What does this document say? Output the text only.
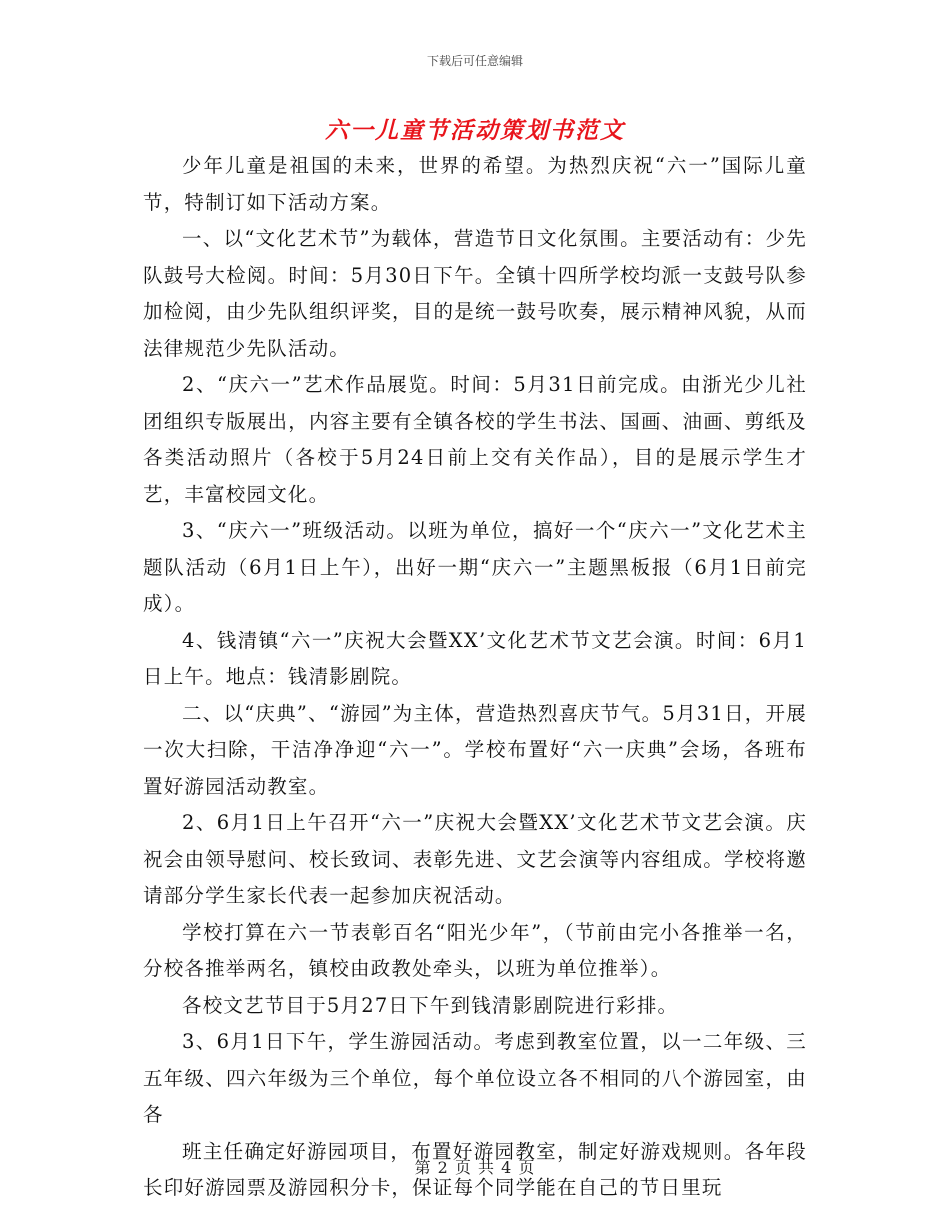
下载后可任意编辑
六一儿童节活动策划书范文

少年儿童是祖国的未来，世界的希望。为热烈庆祝“六一”国际儿童节，特制订如下活动方案。

一、以“文化艺术节”为载体，营造节日文化氛围。主要活动有：少先队鼓号大检阅。时间：5月30日下午。全镇十四所学校均派一支鼓号队参加检阅，由少先队组织评奖，目的是统一鼓号吹奏，展示精神风貌，从而法律规范少先队活动。

2、“庆六一”艺术作品展览。时间：5月31日前完成。由浙光少儿社团组织专版展出，内容主要有全镇各校的学生书法、国画、油画、剪纸及各类活动照片（各校于5月24日前上交有关作品），目的是展示学生才艺，丰富校园文化。

3、“庆六一”班级活动。以班为单位，搞好一个“庆六一”文化艺术主题队活动（6月1日上午），出好一期“庆六一”主题黑板报（6月1日前完成）。

4、钱清镇“六一”庆祝大会暨XX’文化艺术节文艺会演。时间：6月1日上午。地点：钱清影剧院。

二、以“庆典”、“游园”为主体，营造热烈喜庆节气。5月31日，开展一次大扫除，干洁净净迎“六一”。学校布置好“六一庆典”会场，各班布置好游园活动教室。

2、6月1日上午召开“六一”庆祝大会暨XX’文化艺术节文艺会演。庆祝会由领导慰问、校长致词、表彰先进、文艺会演等内容组成。学校将邀请部分学生家长代表一起参加庆祝活动。

学校打算在六一节表彰百名“阳光少年”，（节前由完小各推举一名，分校各推举两名，镇校由政教处牵头，以班为单位推举）。

各校文艺节目于5月27日下午到钱清影剧院进行彩排。

3、6月1日下午，学生游园活动。考虑到教室位置，以一二年级、三五年级、四六年级为三个单位，每个单位设立各不相同的八个游园室，由各

班主任确定好游园项目，布置好游园教室，制定好游戏规则。各年段长印好游园票及游园积分卡，保证每个同学能在自己的节日里玩

第 2 页 共 4 页
